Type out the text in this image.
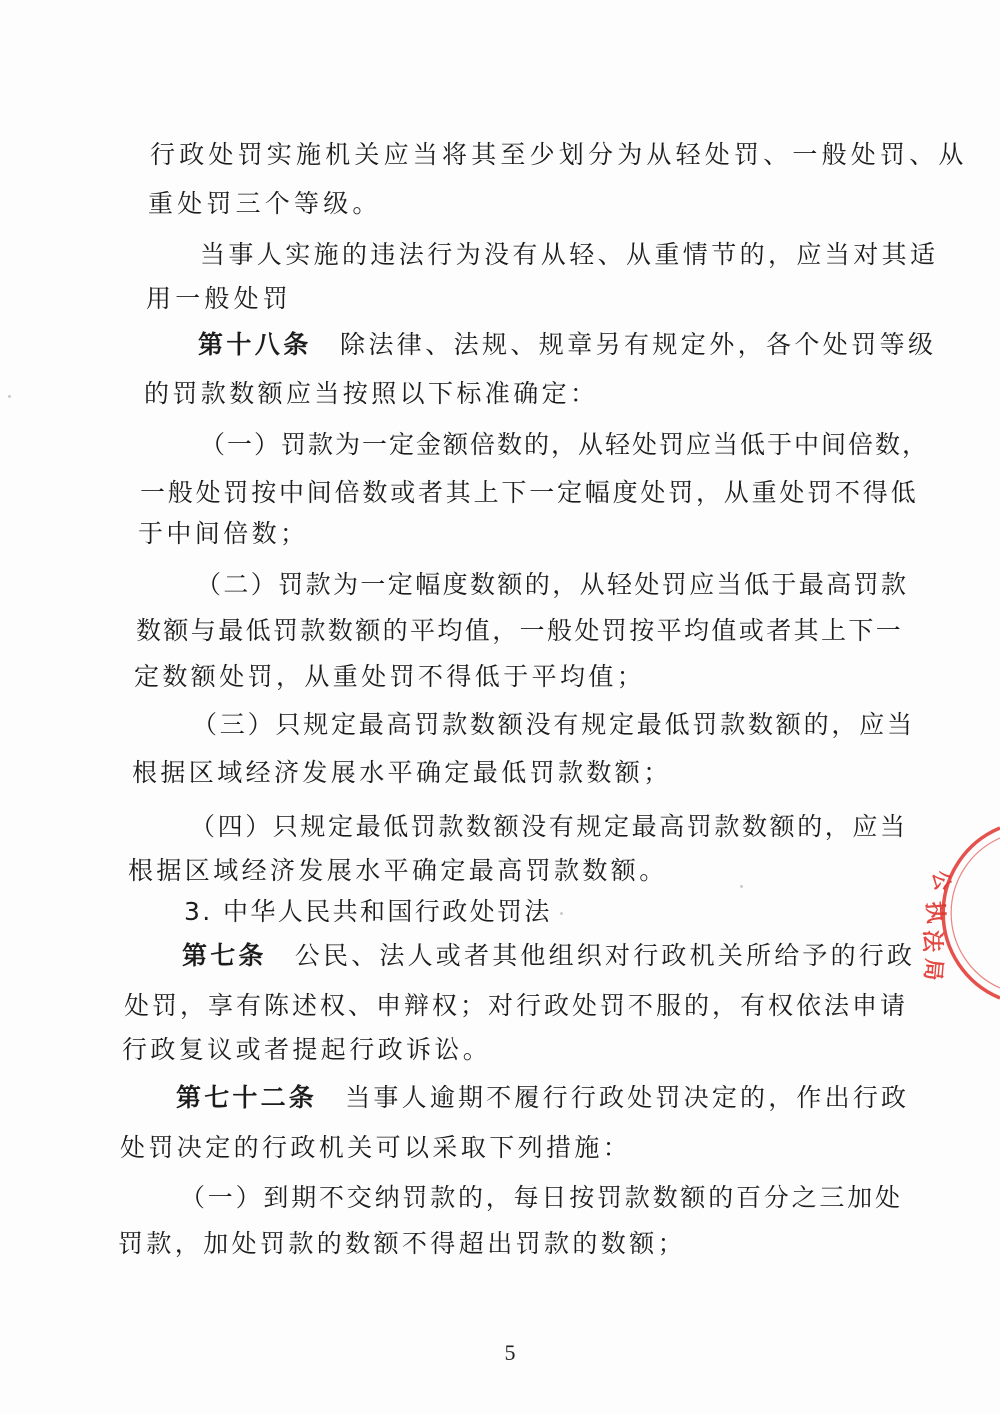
行政处罚实施机关应当将其至少划分为从轻处罚、一般处罚、从
重处罚三个等级。
当事人实施的违法行为没有从轻、从重情节的，应当对其适
用一般处罚
第十八条　除法律、法规、规章另有规定外，各个处罚等级
的罚款数额应当按照以下标准确定：
（一）罚款为一定金额倍数的，从轻处罚应当低于中间倍数，
一般处罚按中间倍数或者其上下一定幅度处罚，从重处罚不得低
于中间倍数；
（二）罚款为一定幅度数额的，从轻处罚应当低于最高罚款
数额与最低罚款数额的平均值，一般处罚按平均值或者其上下一
定数额处罚，从重处罚不得低于平均值；
（三）只规定最高罚款数额没有规定最低罚款数额的，应当
根据区域经济发展水平确定最低罚款数额；
（四）只规定最低罚款数额没有规定最高罚款数额的，应当
根据区域经济发展水平确定最高罚款数额。
3. 中华人民共和国行政处罚法
第七条　公民、法人或者其他组织对行政机关所给予的行政
处罚，享有陈述权、申辩权；对行政处罚不服的，有权依法申请
行政复议或者提起行政诉讼。
第七十二条　当事人逾期不履行行政处罚决定的，作出行政
处罚决定的行政机关可以采取下列措施：
（一）到期不交纳罚款的，每日按罚款数额的百分之三加处
罚款，加处罚款的数额不得超出罚款的数额；
5
公
执
法
局
